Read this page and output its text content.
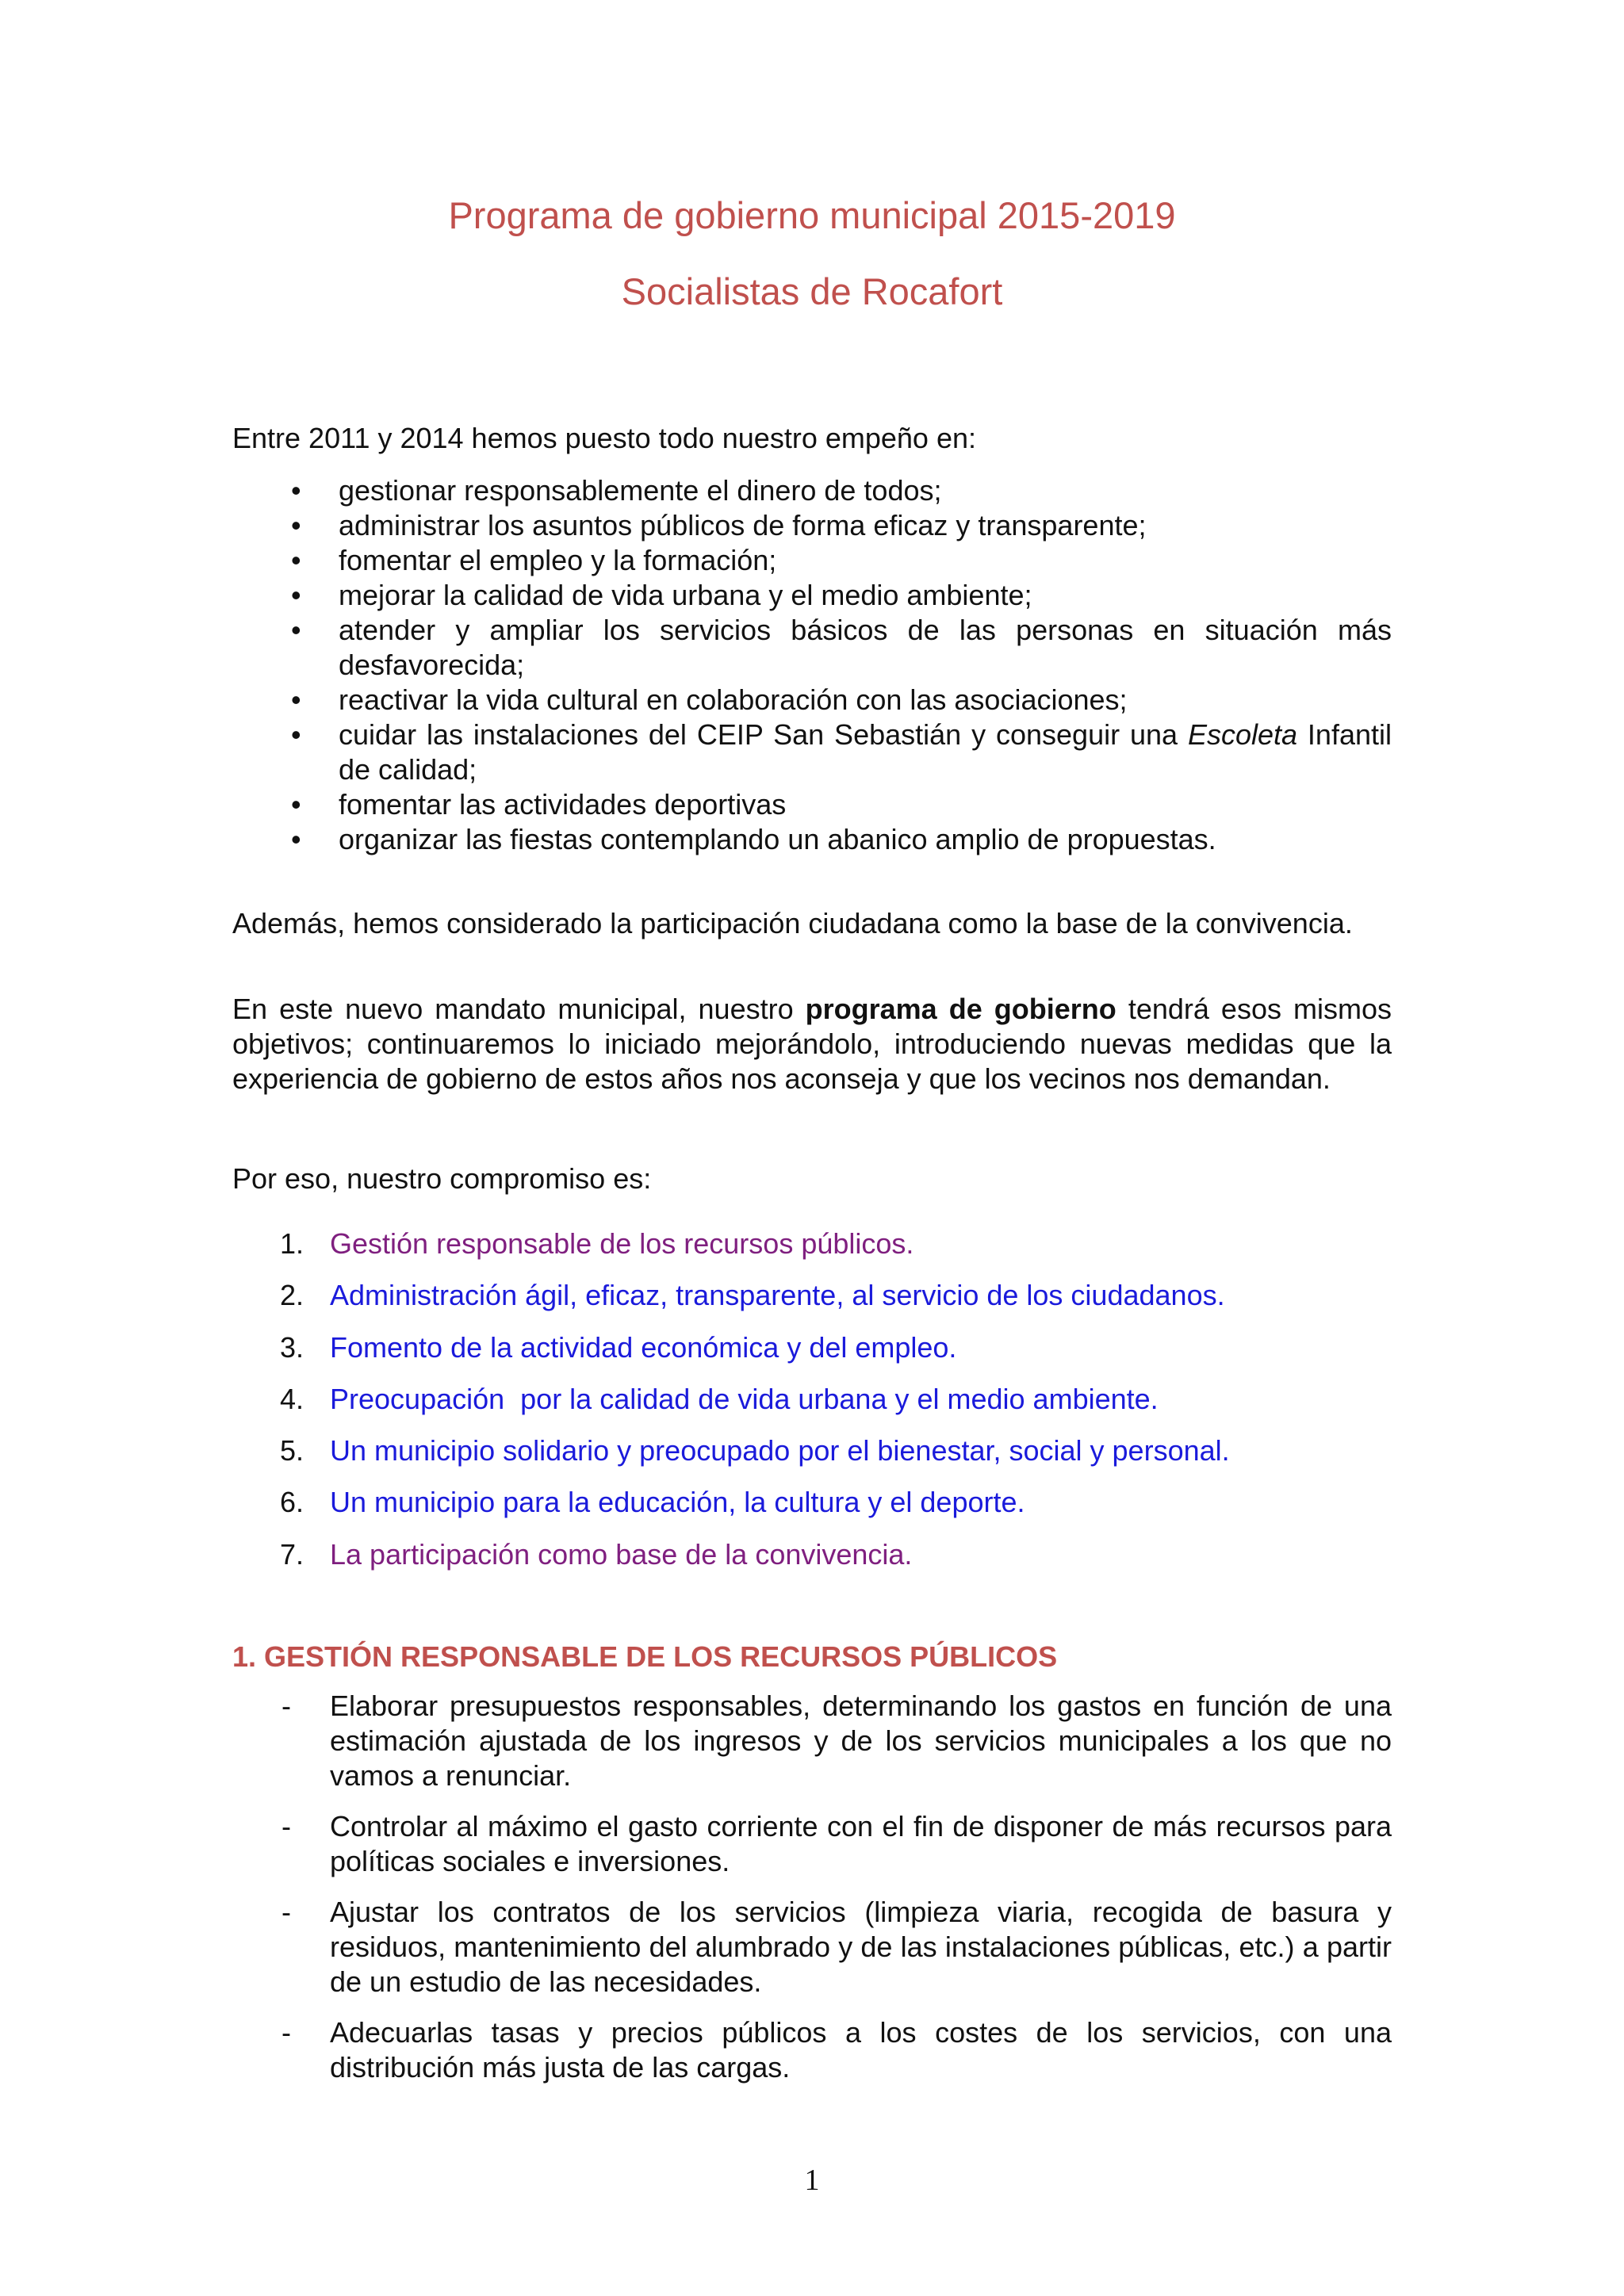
Programa de gobierno municipal 2015-2019
Socialistas de Rocafort

Entre 2011 y 2014 hemos puesto todo nuestro empeño en:

• gestionar responsablemente el dinero de todos;
• administrar los asuntos públicos de forma eficaz y transparente;
• fomentar el empleo y la formación;
• mejorar la calidad de vida urbana y el medio ambiente;
• atender y ampliar los servicios básicos de las personas en situación más desfavorecida;
• reactivar la vida cultural en colaboración con las asociaciones;
• cuidar las instalaciones del CEIP San Sebastián y conseguir una Escoleta Infantil de calidad;
• fomentar las actividades deportivas
• organizar las fiestas contemplando un abanico amplio de propuestas.

Además, hemos considerado la participación ciudadana como la base de la convivencia.

En este nuevo mandato municipal, nuestro programa de gobierno tendrá esos mismos objetivos; continuaremos lo iniciado mejorándolo, introduciendo nuevas medidas que la experiencia de gobierno de estos años nos aconseja y que los vecinos nos demandan.

Por eso, nuestro compromiso es:

1. Gestión responsable de los recursos públicos.
2. Administración ágil, eficaz, transparente, al servicio de los ciudadanos.
3. Fomento de la actividad económica y del empleo.
4. Preocupación  por la calidad de vida urbana y el medio ambiente.
5. Un municipio solidario y preocupado por el bienestar, social y personal.
6. Un municipio para la educación, la cultura y el deporte.
7. La participación como base de la convivencia.
1. GESTIÓN RESPONSABLE DE LOS RECURSOS PÚBLICOS
- Elaborar presupuestos responsables, determinando los gastos en función de una estimación ajustada de los ingresos y de los servicios municipales a los que no vamos a renunciar.
- Controlar al máximo el gasto corriente con el fin de disponer de más recursos para políticas sociales e inversiones.
- Ajustar los contratos de los servicios (limpieza viaria, recogida de basura y residuos, mantenimiento del alumbrado y de las instalaciones públicas, etc.) a partir de un estudio de las necesidades.
- Adecuarlas tasas y precios públicos a los costes de los servicios, con una distribución más justa de las cargas.
1
